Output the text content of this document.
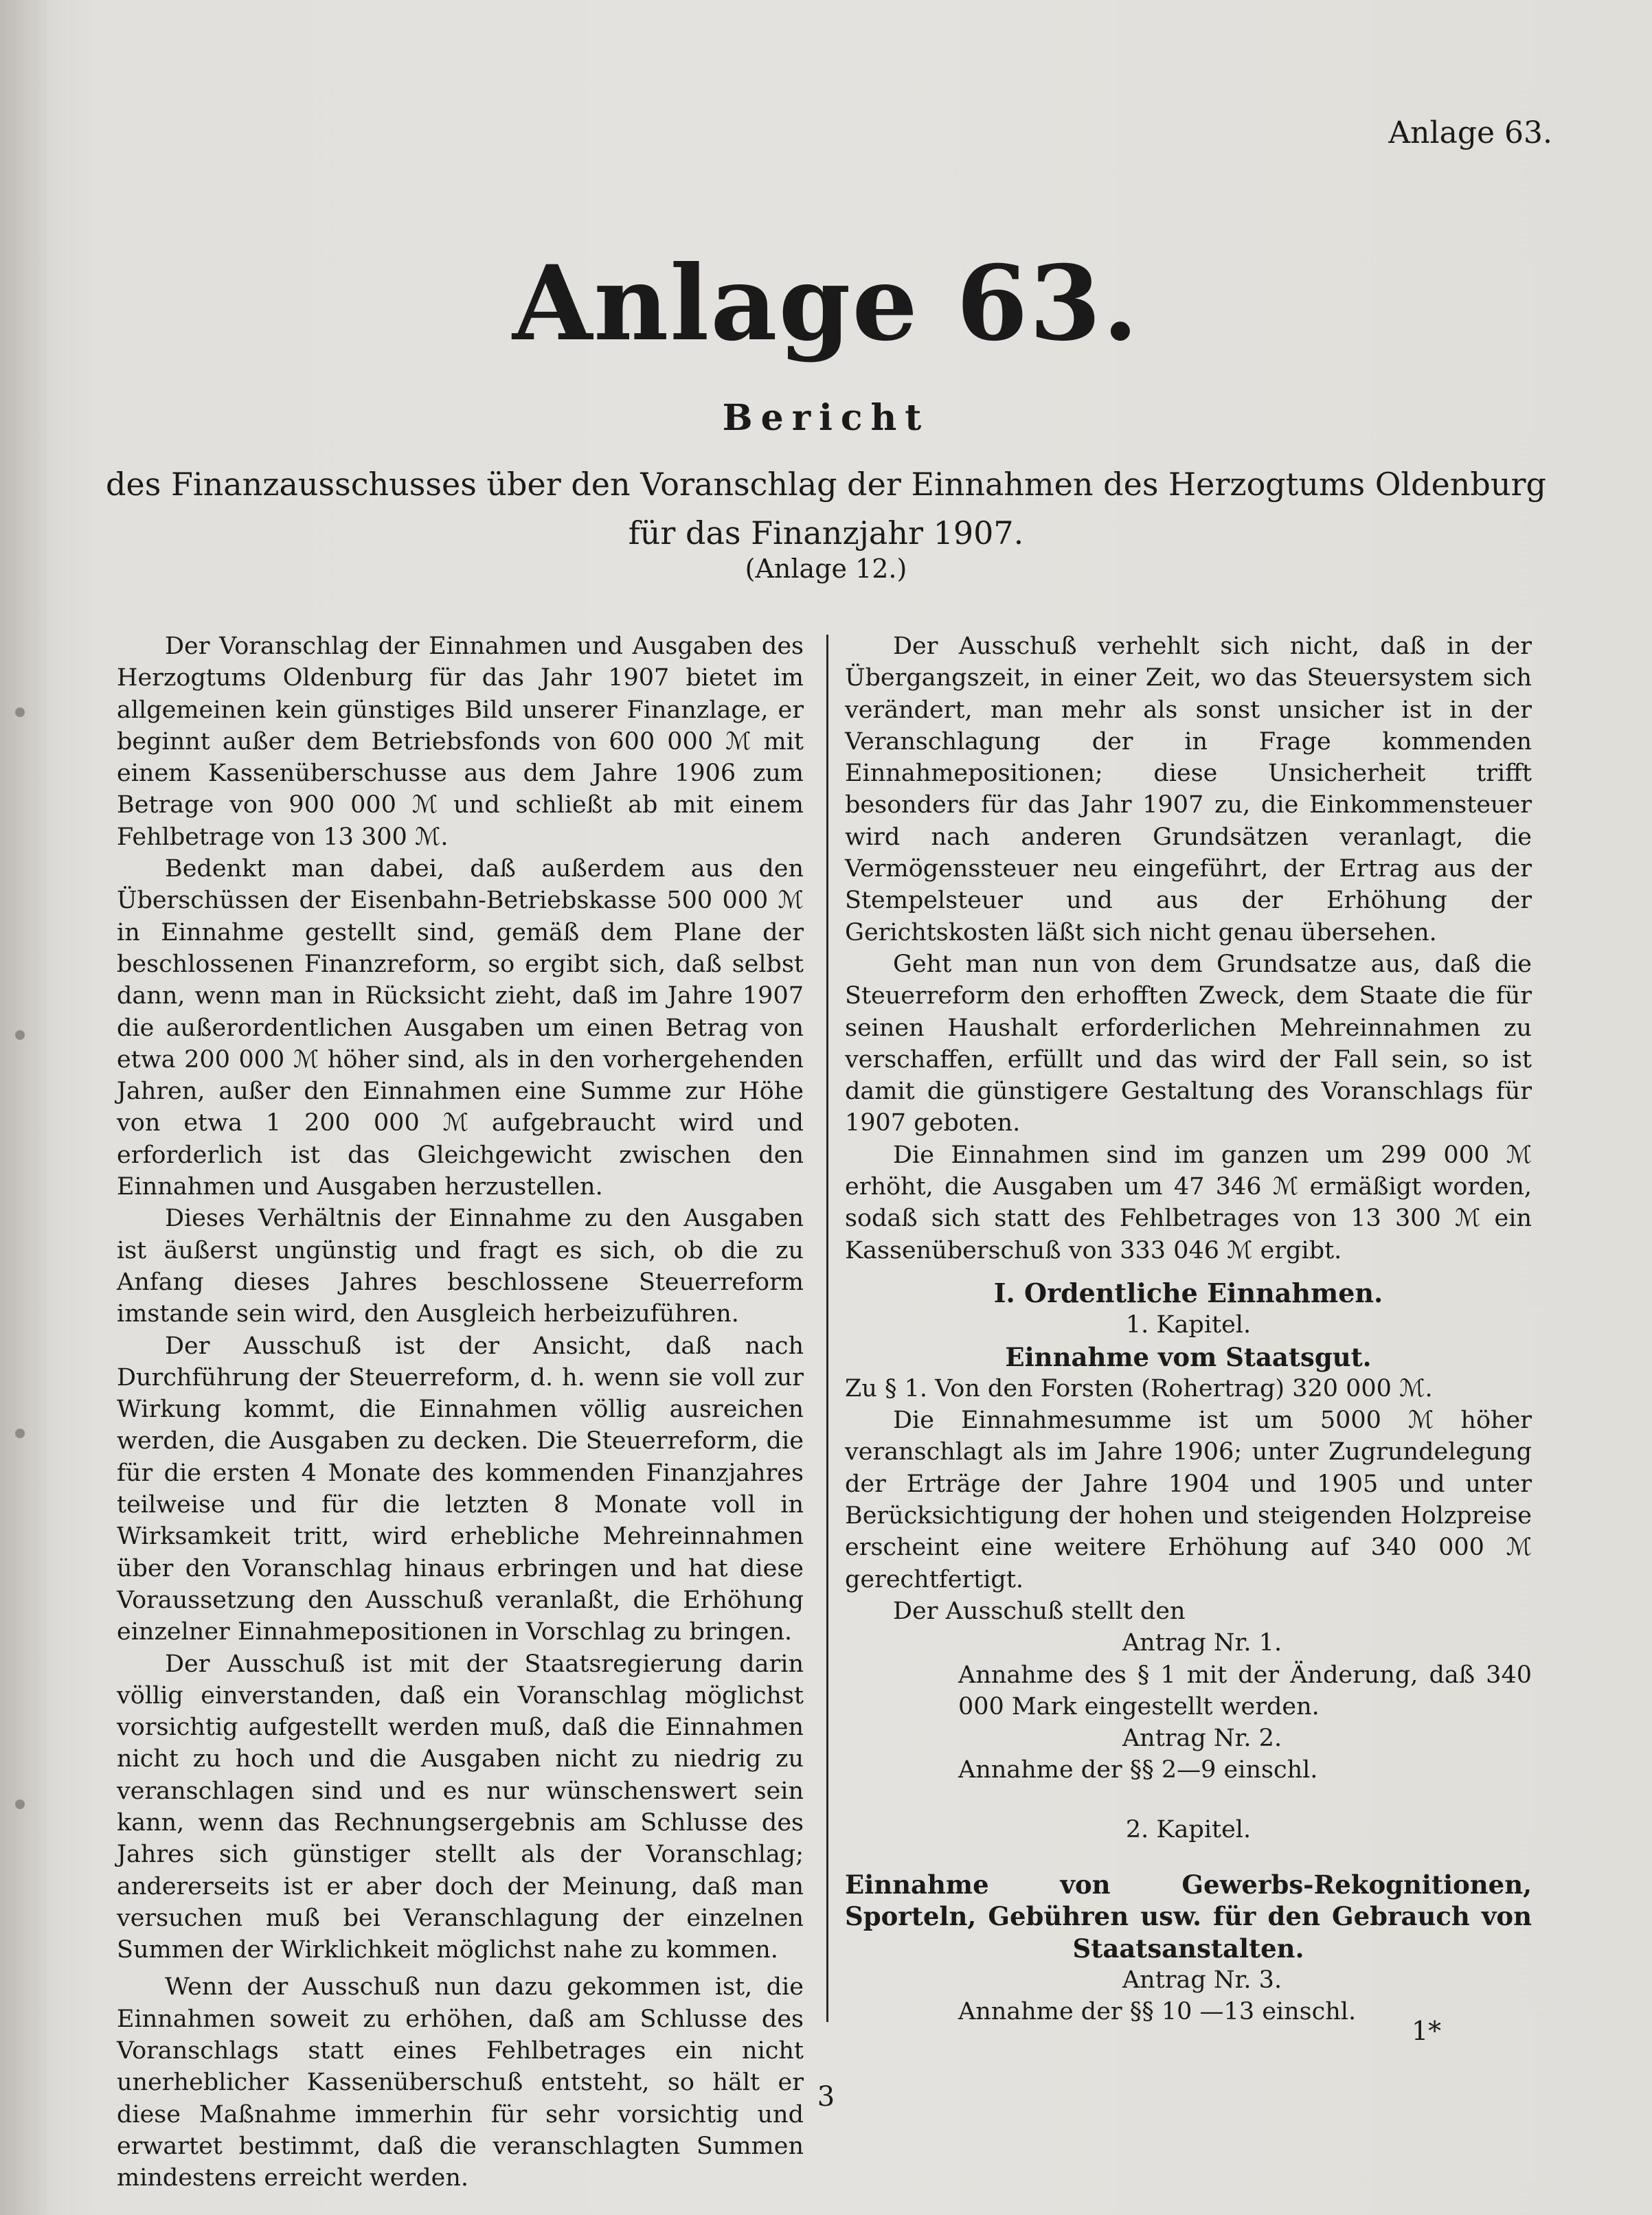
Anlage 63.
Anlage 63.
Bericht
des Finanzausschusses über den Voranschlag der Einnahmen des Herzogtums Oldenburg
für das Finanzjahr 1907.
(Anlage 12.)

Der Voranschlag der Einnahmen und Ausgaben des Herzogtums Oldenburg für das Jahr 1907 bietet im allgemeinen kein günstiges Bild unserer Finanzlage, er beginnt außer dem Betriebsfonds von 600 000 ℳ mit einem Kassenüberschusse aus dem Jahre 1906 zum Betrage von 900 000 ℳ und schließt ab mit einem Fehlbetrage von 13 300 ℳ.

Bedenkt man dabei, daß außerdem aus den Überschüssen der Eisenbahn-Betriebskasse 500 000 ℳ in Einnahme gestellt sind, gemäß dem Plane der beschlossenen Finanzreform, so ergibt sich, daß selbst dann, wenn man in Rücksicht zieht, daß im Jahre 1907 die außerordentlichen Ausgaben um einen Betrag von etwa 200 000 ℳ höher sind, als in den vorhergehenden Jahren, außer den Einnahmen eine Summe zur Höhe von etwa 1 200 000 ℳ aufgebraucht wird und erforderlich ist das Gleichgewicht zwischen den Einnahmen und Ausgaben herzustellen.

Dieses Verhältnis der Einnahme zu den Ausgaben ist äußerst ungünstig und fragt es sich, ob die zu Anfang dieses Jahres beschlossene Steuerreform imstande sein wird, den Ausgleich herbeizuführen.

Der Ausschuß ist der Ansicht, daß nach Durchführung der Steuerreform, d. h. wenn sie voll zur Wirkung kommt, die Einnahmen völlig ausreichen werden, die Ausgaben zu decken. Die Steuerreform, die für die ersten 4 Monate des kommenden Finanzjahres teilweise und für die letzten 8 Monate voll in Wirksamkeit tritt, wird erhebliche Mehreinnahmen über den Voranschlag hinaus erbringen und hat diese Voraussetzung den Ausschuß veranlaßt, die Erhöhung einzelner Einnahmepositionen in Vorschlag zu bringen.

Der Ausschuß ist mit der Staatsregierung darin völlig einverstanden, daß ein Voranschlag möglichst vorsichtig aufgestellt werden muß, daß die Einnahmen nicht zu hoch und die Ausgaben nicht zu niedrig zu veranschlagen sind und es nur wünschenswert sein kann, wenn das Rechnungsergebnis am Schlusse des Jahres sich günstiger stellt als der Voranschlag; andererseits ist er aber doch der Meinung, daß man versuchen muß bei Veranschlagung der einzelnen Summen der Wirklichkeit möglichst nahe zu kommen.

Wenn der Ausschuß nun dazu gekommen ist, die Einnahmen soweit zu erhöhen, daß am Schlusse des Voranschlags statt eines Fehlbetrages ein nicht unerheblicher Kassenüberschuß entsteht, so hält er diese Maßnahme immerhin für sehr vorsichtig und erwartet bestimmt, daß die veranschlagten Summen mindestens erreicht werden.

Der Ausschuß verhehlt sich nicht, daß in der Übergangszeit, in einer Zeit, wo das Steuersystem sich verändert, man mehr als sonst unsicher ist in der Veranschlagung der in Frage kommenden Einnahmepositionen; diese Unsicherheit trifft besonders für das Jahr 1907 zu, die Einkommensteuer wird nach anderen Grundsätzen veranlagt, die Vermögenssteuer neu eingeführt, der Ertrag aus der Stempelsteuer und aus der Erhöhung der Gerichtskosten läßt sich nicht genau übersehen.

Geht man nun von dem Grundsatze aus, daß die Steuerreform den erhofften Zweck, dem Staate die für seinen Haushalt erforderlichen Mehreinnahmen zu verschaffen, erfüllt und das wird der Fall sein, so ist damit die günstigere Gestaltung des Voranschlags für 1907 geboten.

Die Einnahmen sind im ganzen um 299 000 ℳ erhöht, die Ausgaben um 47 346 ℳ ermäßigt worden, sodaß sich statt des Fehlbetrages von 13 300 ℳ ein Kassenüberschuß von 333 046 ℳ ergibt.

I. Ordentliche Einnahmen.

1. Kapitel.

Einnahme vom Staatsgut.

Zu § 1. Von den Forsten (Rohertrag) 320 000 ℳ.

Die Einnahmesumme ist um 5000 ℳ höher veranschlagt als im Jahre 1906; unter Zugrundelegung der Erträge der Jahre 1904 und 1905 und unter Berücksichtigung der hohen und steigenden Holzpreise erscheint eine weitere Erhöhung auf 340 000 ℳ gerechtfertigt.

Der Ausschuß stellt den

Antrag Nr. 1.

Annahme des § 1 mit der Änderung, daß 340 000 Mark eingestellt werden.

Antrag Nr. 2.

Annahme der §§ 2—9 einschl.

2. Kapitel.

Einnahme von Gewerbs-Rekognitionen, Sporteln, Gebühren usw. für den Gebrauch von Staatsanstalten.

Antrag Nr. 3.

Annahme der §§ 10 —13 einschl.

1*
3
